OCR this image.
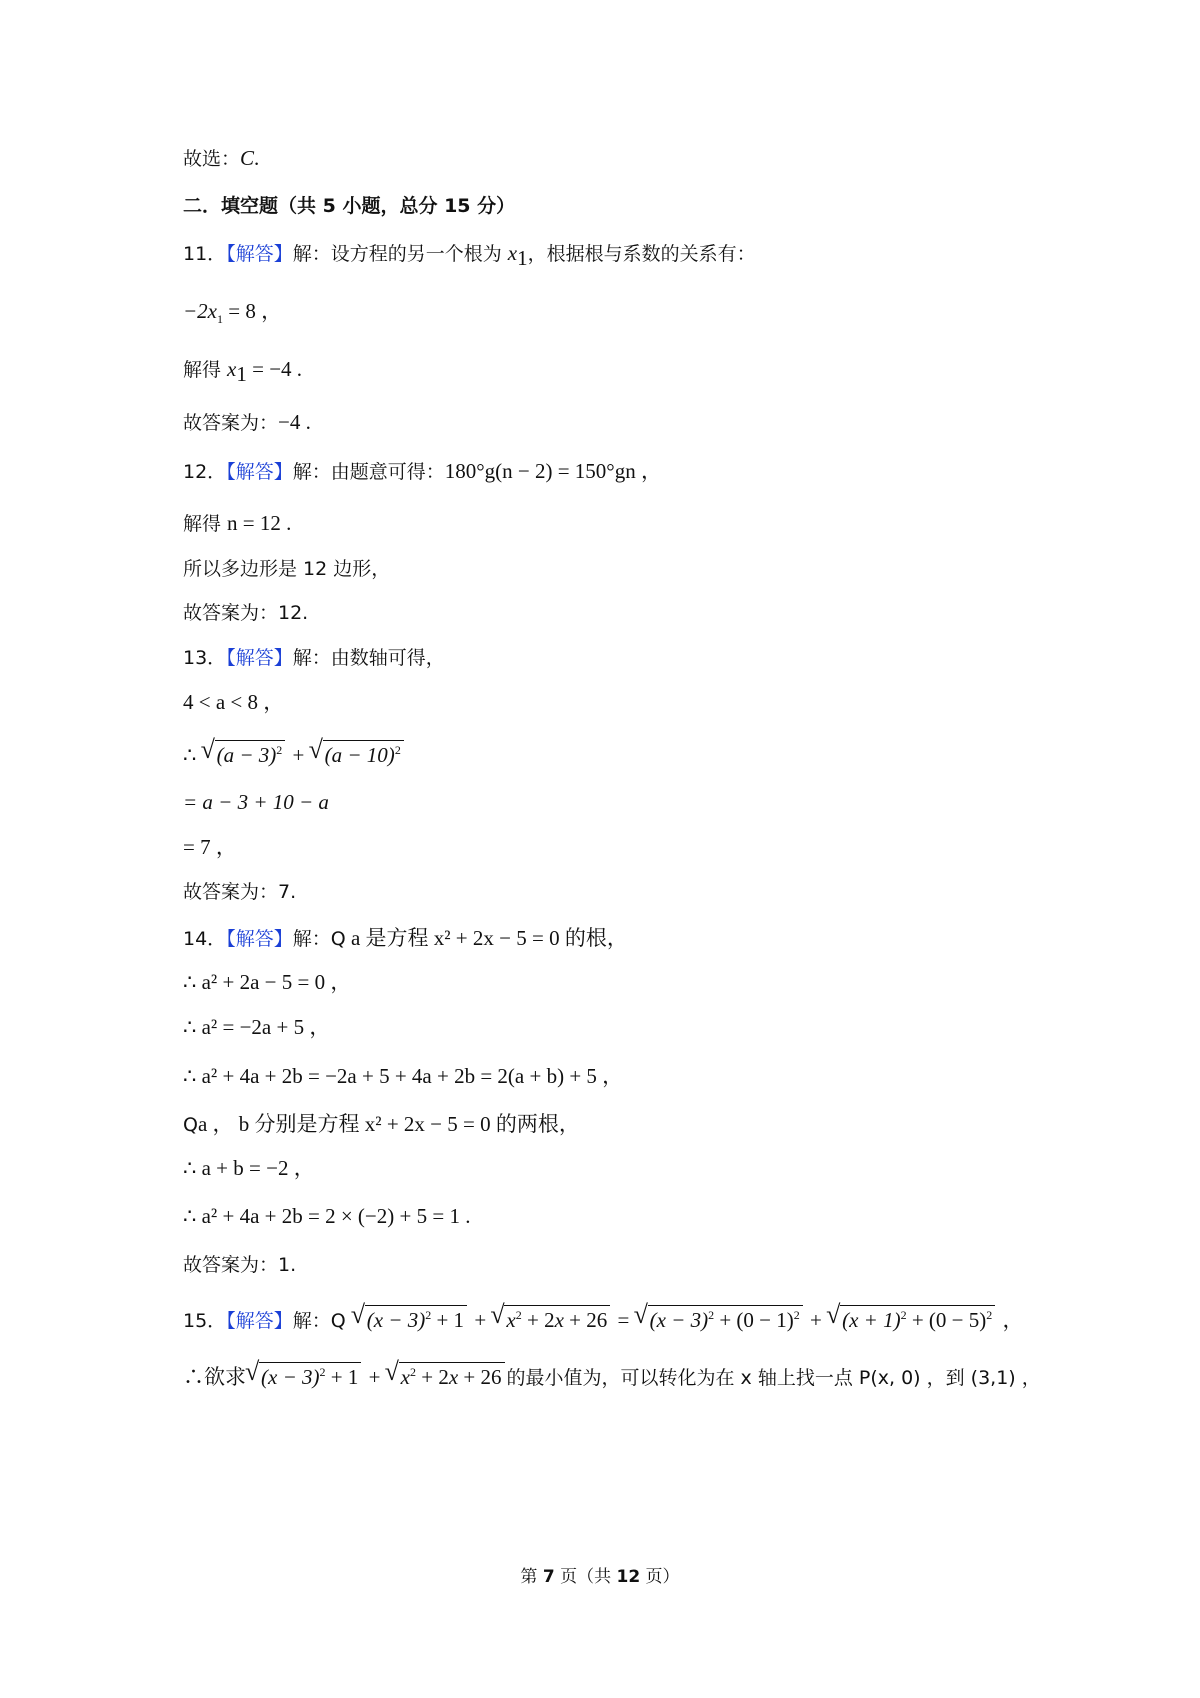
故选：C.
二．填空题（共 5 小题，总分 15 分）
11．【解答】解：设方程的另一个根为 $x_1$，根据根与系数的关系有：
$-2x_1 = 8$ ，
解得 $x_1 = -4$ .
故答案为：−4 .
12．【解答】解：由题意可得：180°g(n − 2) = 150°gn ，
解得 n = 12 .
所以多边形是 12 边形，
故答案为：12.
13．【解答】解：由数轴可得，
4 < a < 8 ，
∴ √ $(a - 3)^2$ + √ $(a - 10)^2$
= a − 3 + 10 − a
= 7 ，
故答案为：7.
14．【解答】解：Q a 是方程 x² + 2x − 5 = 0 的根，
∴ a² + 2a − 5 = 0 ，
∴ a² = −2a + 5 ，
∴ a² + 4a + 2b = −2a + 5 + 4a + 2b = 2(a + b) + 5 ，
Qa ， b 分别是方程 x² + 2x − 5 = 0 的两根，
∴ a + b = −2 ，
∴ a² + 4a + 2b = 2 × (−2) + 5 = 1 .
故答案为：1.
15．【解答】解：Q √ $(x - 3)^2 + 1$ + √ $x^2 + 2x + 26$ = √ $(x - 3)^2 + (0 - 1)^2$ + √ $(x + 1)^2 + (0 - 5)^2$ ，
∴欲求 √ $(x - 3)^2 + 1$ + √ $x^2 + 2x + 26$ 的最小值为，可以转化为在 x 轴上找一点 P(x, 0) ，到 (3,1) ，
第 7 页（共 12 页）
